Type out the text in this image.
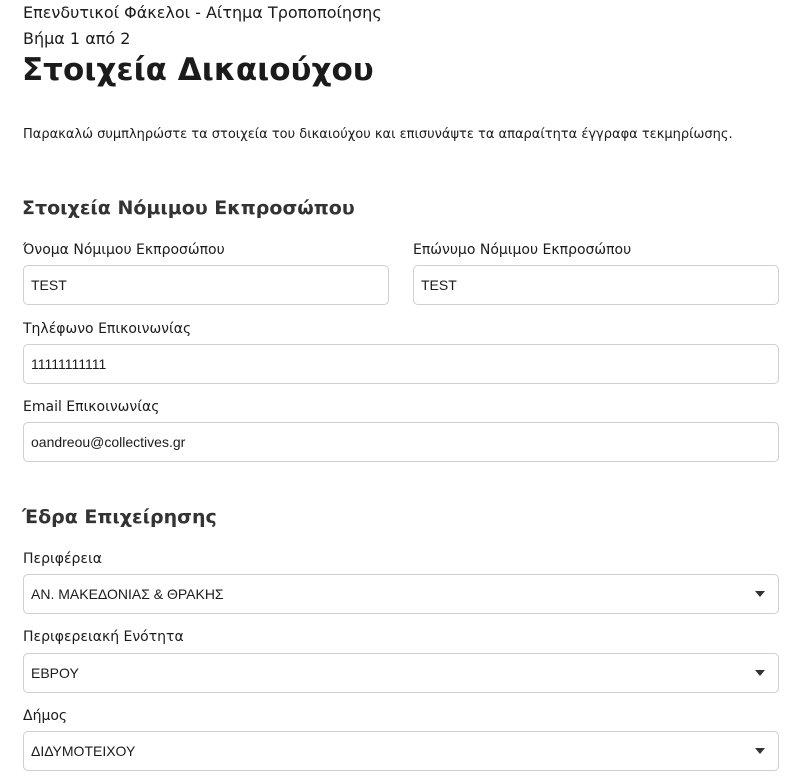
Επενδυτικοί Φάκελοι - Αίτημα Τροποποίησης
Βήμα 1 από 2
Στοιχεία Δικαιούχου
Παρακαλώ συμπληρώστε τα στοιχεία του δικαιούχου και επισυνάψτε τα απαραίτητα έγγραφα τεκμηρίωσης.
Στοιχεία Νόμιμου Εκπροσώπου
Όνομα Νόμιμου Εκπροσώπου
TEST
Επώνυμο Νόμιμου Εκπροσώπου
TEST
Τηλέφωνο Επικοινωνίας
11111111111
Email Επικοινωνίας
oandreou@collectives.gr
Έδρα Επιχείρησης
Περιφέρεια
ΑΝ. ΜΑΚΕΔΟΝΙΑΣ & ΘΡΑΚΗΣ
Περιφερειακή Ενότητα
ΕΒΡΟΥ
Δήμος
ΔΙΔΥΜΟΤΕΙΧΟΥ
